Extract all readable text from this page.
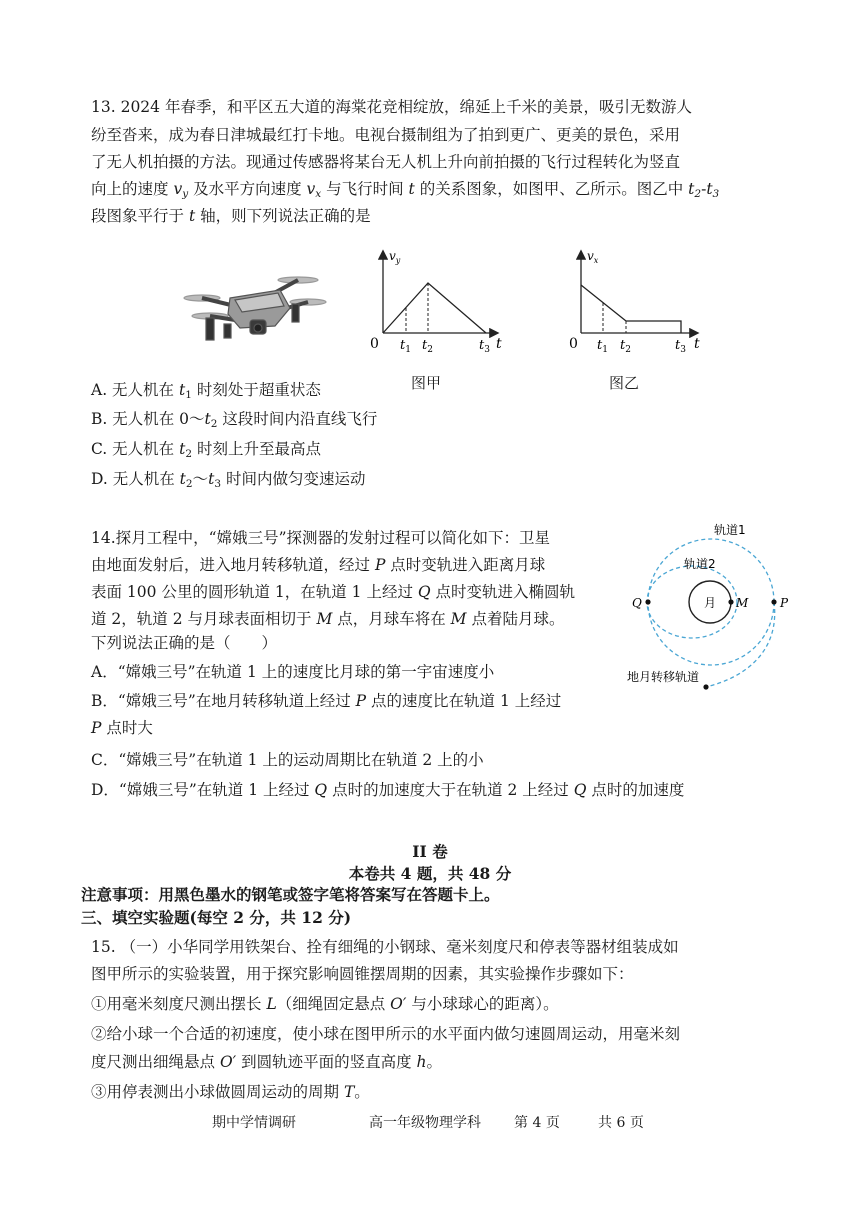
13. 2024 年春季，和平区五大道的海棠花竞相绽放，绵延上千米的美景，吸引无数游人
纷至沓来，成为春日津城最红打卡地。电视台摄制组为了拍到更广、更美的景色，采用
了无人机拍摄的方法。现通过传感器将某台无人机上升向前拍摄的飞行过程转化为竖直
向上的速度 $v_y$ 及水平方向速度 $v_x$ 与飞行时间 t 的关系图象，如图甲、乙所示。图乙中 $t_2-t_3$
段图象平行于 t 轴，则下列说法正确的是
$v_y$
0 $t_1$ $t_2$	$t_3$ t
图甲
$v_x$
0 $t_1$ $t_2$	$t_3$ t
图乙
A. 无人机在 $t_1$ 时刻处于超重状态
B. 无人机在 $0\sim t_2$ 这段时间内沿直线飞行
C. 无人机在 $t_2$ 时刻上升至最高点
D. 无人机在 $t_2\sim t_3$ 时间内做匀变速运动
14.探月工程中，“嫦娥三号”探测器的发射过程可以简化如下：卫星
由地面发射后，进入地月转移轨道，经过 P 点时变轨进入距离月球
表面 100 公里的圆形轨道 1，在轨道 1 上经过 Q 点时变轨进入椭圆轨
道 2，轨道 2 与月球表面相切于 M 点，月球车将在 M 点着陆月球。
下列说法正确的是（　　）
A．“嫦娥三号”在轨道 1 上的速度比月球的第一宇宙速度小
B．“嫦娥三号”在地月转移轨道上经过 P 点的速度比在轨道 1 上经过
P 点时大
C．“嫦娥三号”在轨道 1 上的运动周期比在轨道 2 上的小
D．“嫦娥三号”在轨道 1 上经过 Q 点时的加速度大于在轨道 2 上经过 Q 点时的加速度
轨道1
轨道2
月
Q	M	P
地月转移轨道
II 卷
本卷共 4 题，共 48 分
注意事项：用黑色墨水的钢笔或签字笔将答案写在答题卡上。
三、填空实验题(每空 2 分，共 12 分)
15. （一）小华同学用铁架台、拴有细绳的小钢球、毫米刻度尺和停表等器材组装成如
图甲所示的实验装置，用于探究影响圆锥摆周期的因素，其实验操作步骤如下：
①用毫米刻度尺测出摆长 L（细绳固定悬点 O′ 与小球球心的距离）。
②给小球一个合适的初速度，使小球在图甲所示的水平面内做匀速圆周运动，用毫米刻
度尺测出细绳悬点 O′ 到圆轨迹平面的竖直高度 h。
③用停表测出小球做圆周运动的周期 T。
期中学情调研	高一年级物理学科 第 4 页	共 6 页
